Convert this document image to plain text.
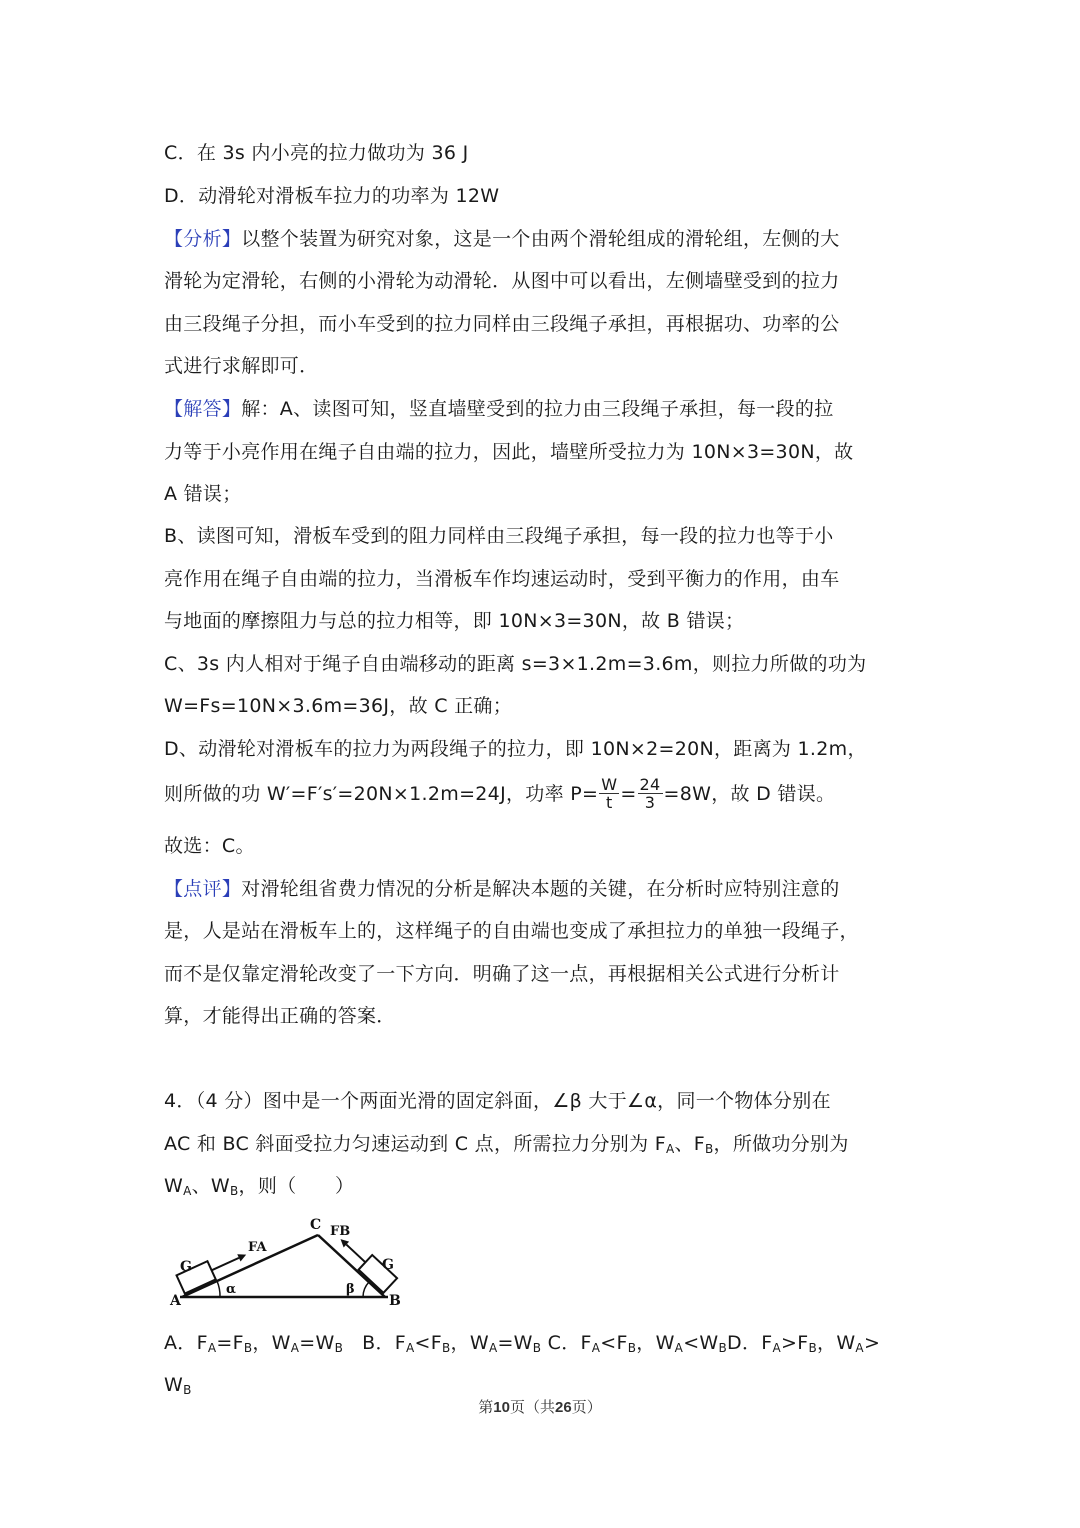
C．在 3s 内小亮的拉力做功为 36 J
D．动滑轮对滑板车拉力的功率为 12W
【分析】以整个装置为研究对象，这是一个由两个滑轮组成的滑轮组，左侧的大
滑轮为定滑轮，右侧的小滑轮为动滑轮．从图中可以看出，左侧墙壁受到的拉力
由三段绳子分担，而小车受到的拉力同样由三段绳子承担，再根据功、功率的公
式进行求解即可．
【解答】解：A、读图可知，竖直墙壁受到的拉力由三段绳子承担，每一段的拉
力等于小亮作用在绳子自由端的拉力，因此，墙壁所受拉力为 10N×3=30N，故
A 错误；
B、读图可知，滑板车受到的阻力同样由三段绳子承担，每一段的拉力也等于小
亮作用在绳子自由端的拉力，当滑板车作均速运动时，受到平衡力的作用，由车
与地面的摩擦阻力与总的拉力相等，即 10N×3=30N，故 B 错误；
C、3s 内人相对于绳子自由端移动的距离 s=3×1.2m=3.6m，则拉力所做的功为
W=Fs=10N×3.6m=36J，故 C 正确；
D、动滑轮对滑板车的拉力为两段绳子的拉力，即 10N×2=20N，距离为 1.2m，
则所做的功 W′=F′s′=20N×1.2m=24J，功率 $P= \frac{W}{t} = \frac{24}{3} =8W$，故 D 错误。
故选：C。
【点评】对滑轮组省费力情况的分析是解决本题的关键，在分析时应特别注意的
是，人是站在滑板车上的，这样绳子的自由端也变成了承担拉力的单独一段绳子，
而不是仅靠定滑轮改变了一下方向．明确了这一点，再根据相关公式进行分析计
算，才能得出正确的答案．
4．（4 分）图中是一个两面光滑的固定斜面，∠β 大于∠α，同一个物体分别在
AC 和 BC 斜面受拉力匀速运动到 C 点，所需拉力分别为 $F_A$、$F_B$，所做功分别为
$W_A$、$W_B$，则（　　）
A	B
C
FA
FB
G	G
α	β
A．$F_A=F_B$，$W_A=W_B$ B．$F_A<F_B$，$W_A=W_B$ C．$F_A<F_B$，$W_A<W_BD$．$F_A>F_B$，$W_A>$
$W_B$
第10页（共26页）
